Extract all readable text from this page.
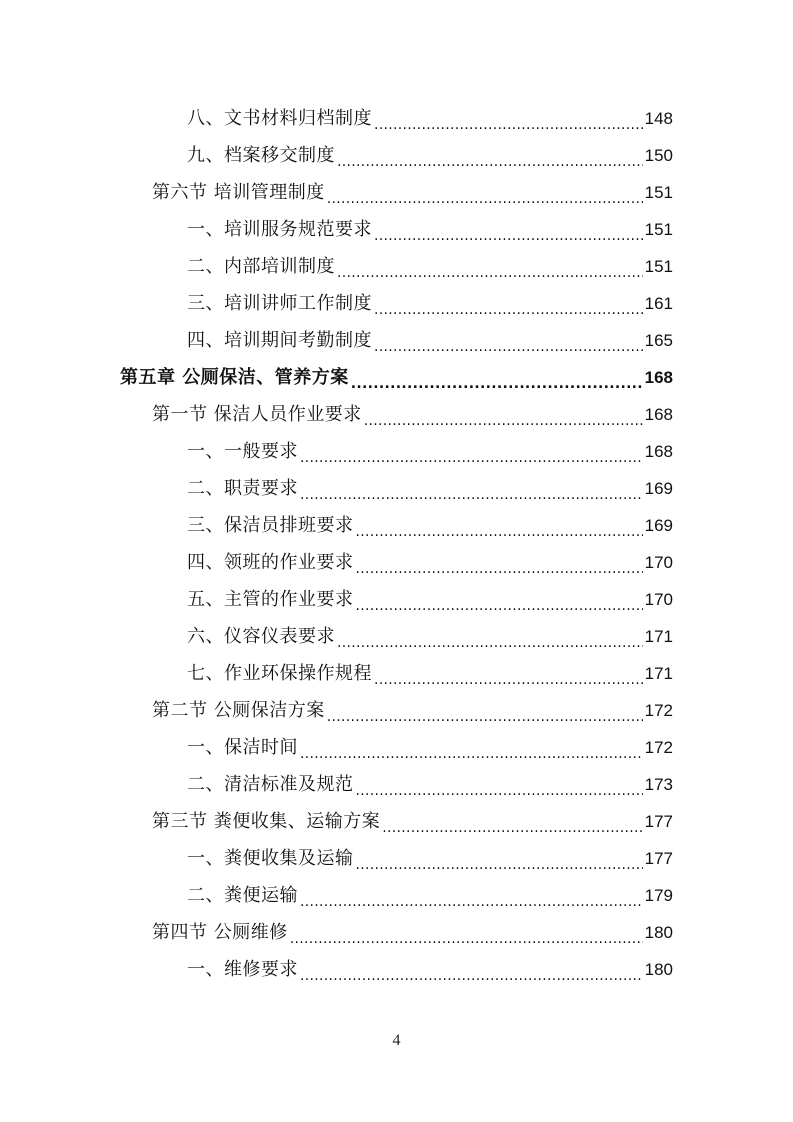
八、文书材料归档制度 .....	148
九、档案移交制度 .....	150
第六节 培训管理制度 .....	151
一、培训服务规范要求 .....	151
二、内部培训制度 .....	151
三、培训讲师工作制度 .....	161
四、培训期间考勤制度 .....	165
第五章 公厕保洁、管养方案 .....	168
第一节 保洁人员作业要求 .....	168
一、一般要求 .....	168
二、职责要求 .....	169
三、保洁员排班要求 .....	169
四、领班的作业要求 .....	170
五、主管的作业要求 .....	170
六、仪容仪表要求 .....	171
七、作业环保操作规程 .....	171
第二节 公厕保洁方案 .....	172
一、保洁时间 .....	172
二、清洁标准及规范 .....	173
第三节 粪便收集、运输方案 .....	177
一、粪便收集及运输 .....	177
二、粪便运输 .....	179
第四节 公厕维修 .....	180
一、维修要求 .....	180
4
